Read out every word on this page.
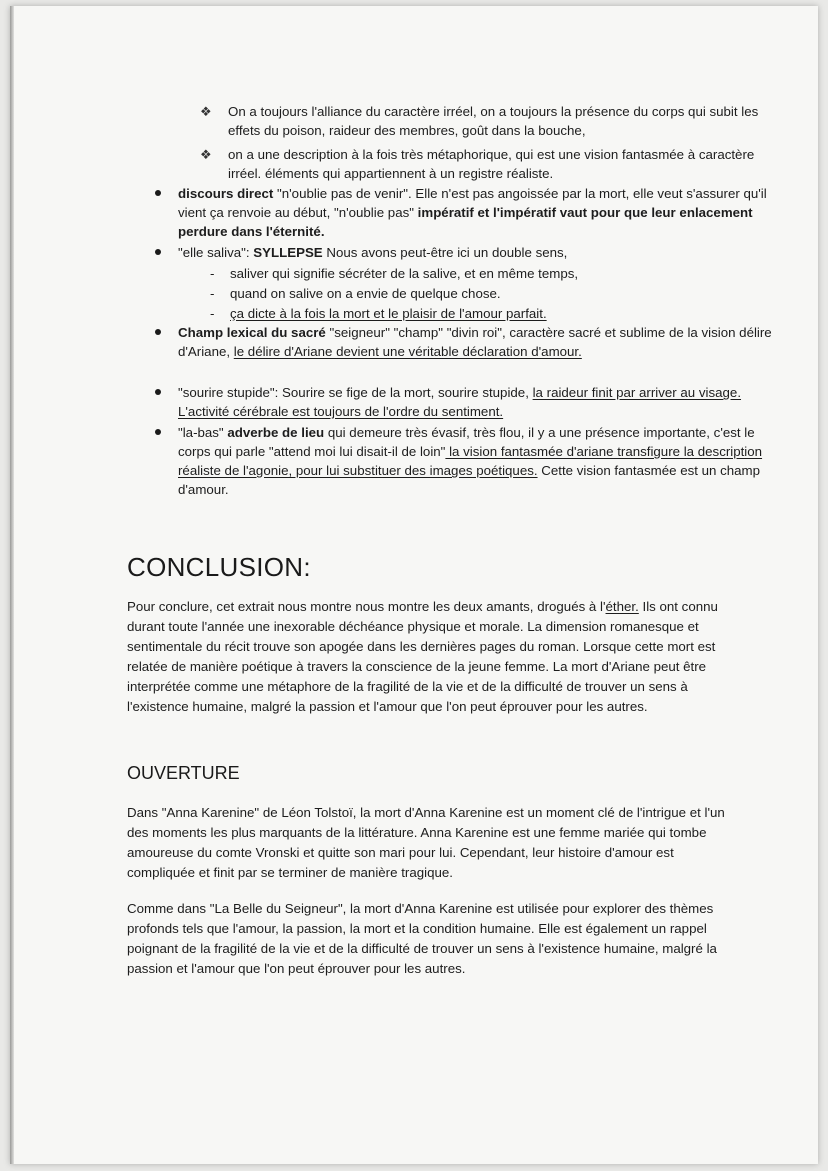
❖ On a toujours l'alliance du caractère irréel, on a toujours la présence du corps qui subit les effets du poison, raideur des membres, goût dans la bouche,
❖ on a une description à la fois très métaphorique, qui est une vision fantasmée à caractère irréel. éléments qui appartiennent à un registre réaliste.
discours direct "n'oublie pas de venir". Elle n'est pas angoissée par la mort, elle veut s'assurer qu'il vient ça renvoie au début, "n'oublie pas" impératif et l'impératif vaut pour que leur enlacement perdure dans l'éternité.
"elle saliva": SYLLEPSE Nous avons peut-être ici un double sens,
- saliver qui signifie sécréter de la salive, et en même temps,
- quand on salive on a envie de quelque chose.
- ça dicte à la fois la mort et le plaisir de l'amour parfait.
Champ lexical du sacré "seigneur" "champ" "divin roi", caractère sacré et sublime de la vision délire d'Ariane, le délire d'Ariane devient une véritable déclaration d'amour.
"sourire stupide": Sourire se fige de la mort, sourire stupide, la raideur finit par arriver au visage. L'activité cérébrale est toujours de l'ordre du sentiment.
"la-bas" adverbe de lieu qui demeure très évasif, très flou, il y a une présence importante, c'est le corps qui parle "attend moi lui disait-il de loin" la vision fantasmée d'ariane transfigure la description réaliste de l'agonie, pour lui substituer des images poétiques. Cette vision fantasmée est un champ d'amour.
CONCLUSION:
Pour conclure, cet extrait nous montre nous montre les deux amants, drogués à l'éther. Ils ont connu durant toute l'année une inexorable déchéance physique et morale. La dimension romanesque et sentimentale du récit trouve son apogée dans les dernières pages du roman. Lorsque cette mort est relatée de manière poétique à travers la conscience de la jeune femme. La mort d'Ariane peut être interprétée comme une métaphore de la fragilité de la vie et de la difficulté de trouver un sens à l'existence humaine, malgré la passion et l'amour que l'on peut éprouver pour les autres.
OUVERTURE
Dans "Anna Karenine" de Léon Tolstoï, la mort d'Anna Karenine est un moment clé de l'intrigue et l'un des moments les plus marquants de la littérature. Anna Karenine est une femme mariée qui tombe amoureuse du comte Vronski et quitte son mari pour lui. Cependant, leur histoire d'amour est compliquée et finit par se terminer de manière tragique.
Comme dans "La Belle du Seigneur", la mort d'Anna Karenine est utilisée pour explorer des thèmes profonds tels que l'amour, la passion, la mort et la condition humaine. Elle est également un rappel poignant de la fragilité de la vie et de la difficulté de trouver un sens à l'existence humaine, malgré la passion et l'amour que l'on peut éprouver pour les autres.
